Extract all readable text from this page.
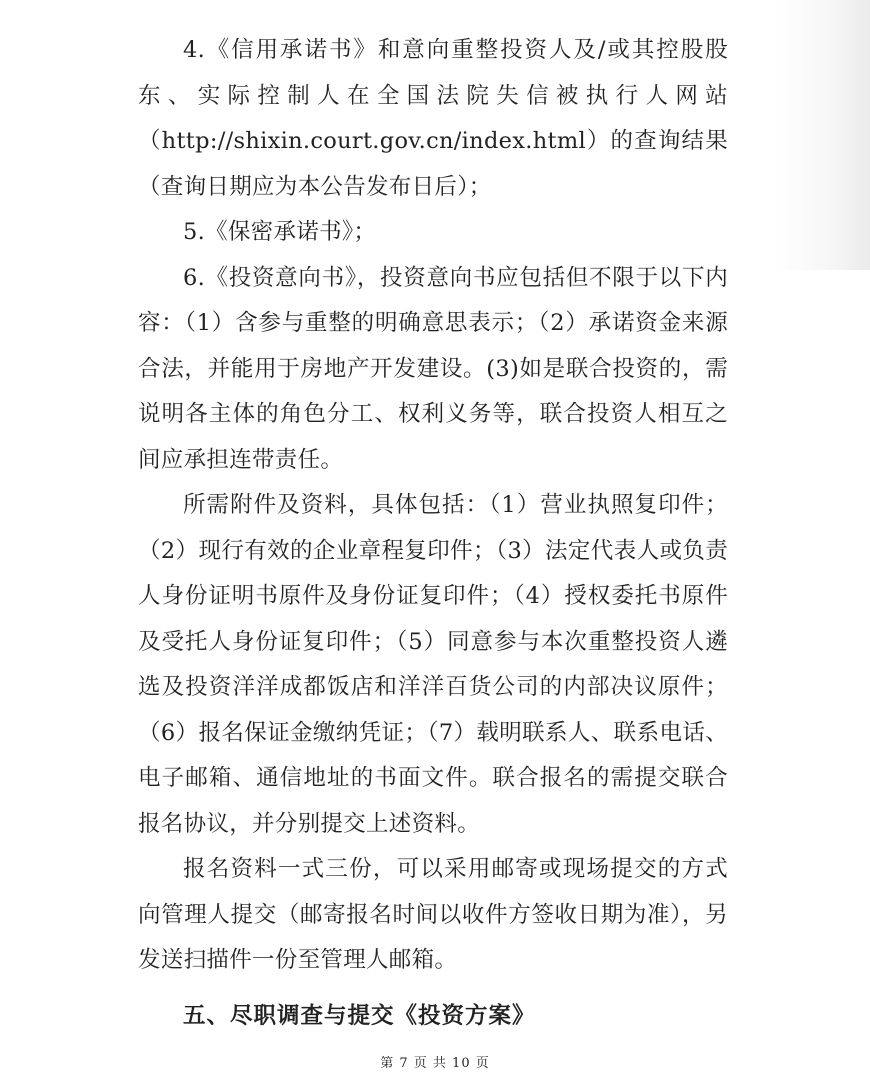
4.《信用承诺书》和意向重整投资人及/或其控股股东、实际控制人在全国法院失信被执行人网站（http://shixin.court.gov.cn/index.html）的查询结果（查询日期应为本公告发布日后）；

5.《保密承诺书》；

6.《投资意向书》，投资意向书应包括但不限于以下内容：（1）含参与重整的明确意思表示；（2）承诺资金来源合法，并能用于房地产开发建设。(3)如是联合投资的，需说明各主体的角色分工、权利义务等，联合投资人相互之间应承担连带责任。

所需附件及资料，具体包括：（1）营业执照复印件；（2）现行有效的企业章程复印件；（3）法定代表人或负责人身份证明书原件及身份证复印件；（4）授权委托书原件及受托人身份证复印件；（5）同意参与本次重整投资人遴选及投资洋洋成都饭店和洋洋百货公司的内部决议原件；（6）报名保证金缴纳凭证；（7）载明联系人、联系电话、电子邮箱、通信地址的书面文件。联合报名的需提交联合报名协议，并分别提交上述资料。

报名资料一式三份，可以采用邮寄或现场提交的方式向管理人提交（邮寄报名时间以收件方签收日期为准），另发送扫描件一份至管理人邮箱。

五、尽职调查与提交《投资方案》

第 7 页 共 10 页
